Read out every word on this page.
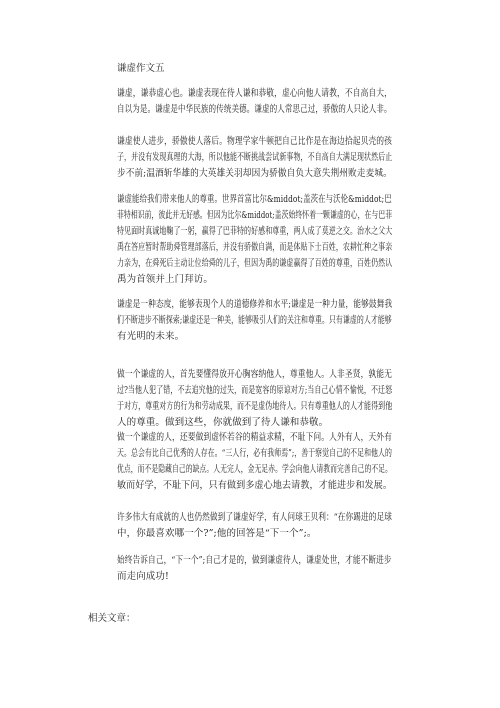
谦虚作文五
谦虚，谦恭虚心也。谦虚表现在待人谦和恭敬，虚心向他人请教，不自高自大，
自以为是。谦虚是中华民族的传统美德。谦虚的人常思己过，骄傲的人只论人非。
谦虚使人进步，骄傲使人落后。物理学家牛顿把自己比作是在海边拾起贝壳的孩
子，并没有发现真理的大海，所以他能不断挑战尝试新事物，不自高自大满足现状然后止
步不前;温酒斩华雄的大英雄关羽却因为骄傲自负大意失荆州败走麦城。
谦虚能给我们带来他人的尊重。世界首富比尔&middot;盖茨在与沃伦&middot;巴
菲特相识前，彼此并无好感。但因为比尔&middot;盖茨始终怀着一颗谦虚的心，在与巴菲
特见面时真诚地鞠了一躬，赢得了巴菲特的好感和尊重，两人成了莫逆之交。治水之父大
禹在答应暂时帮助舜管理部落后，并没有骄傲自满，而是体贴下士百姓，农耕忙种之事亲
力亲为，在舜死后主动让位给舜的儿子，但因为禹的谦虚赢得了百姓的尊重，百姓仍然认
禹为首领并上门拜访。
谦虚是一种态度，能够表现个人的道德修养和水平;谦虚是一种力量，能够鼓舞我
们不断进步不断探索;谦虚还是一种美，能够吸引人们的关注和尊重。只有谦虚的人才能够
有光明的未来。
做一个谦虚的人，首先要懂得放开心胸容纳他人，尊重他人。人非圣贤，孰能无
过?当他人犯了错，不去追究他的过失，而是宽容的原谅对方;当自己心情不愉悦，不迁怒
于对方，尊重对方的行为和劳动成果，而不是虚伪地待人。只有尊重他人的人才能得到他
人的尊重。做到这些，你就做到了待人谦和恭敬。
做一个谦虚的人，还要做到虚怀若谷的精益求精，不耻下问。人外有人，天外有
天。总会有比自己优秀的人存在。“三人行，必有我师焉”;，善于察觉自己的不足和他人的
优点，而不是隐藏自己的缺点。人无完人，金无足赤。学会向他人请教而完善自己的不足。
敏而好学，不耻下问，只有做到多虚心地去请教，才能进步和发展。
许多伟大有成就的人也仍然做到了谦虚好学，有人问球王贝利：“在你踢进的足球
中，你最喜欢哪一个?”;他的回答是“下一个”;。
始终告诉自己，“下一个”;自己才是的，做到谦虚待人，谦虚处世，才能不断进步
而走向成功!
相关文章：
